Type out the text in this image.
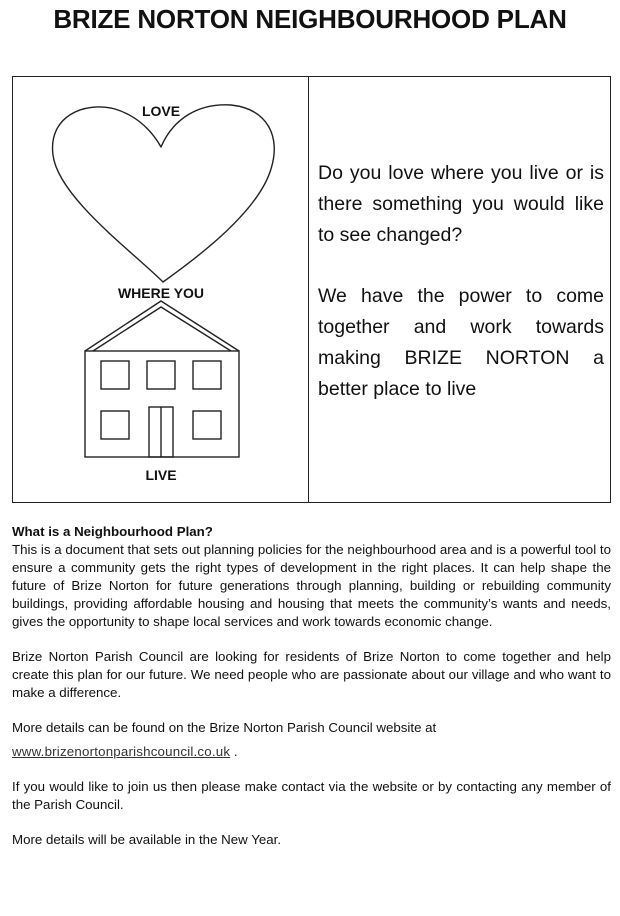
BRIZE NORTON NEIGHBOURHOOD PLAN
LOVE
WHERE YOU
LIVE

Do you love where you live or is there something you would like to see changed?

We have the power to come together and work towards making BRIZE NORTON a better place to live

What is a Neighbourhood Plan?

This is a document that sets out planning policies for the neighbourhood area and is a powerful tool to ensure a community gets the right types of development in the right places. It can help shape the future of Brize Norton for future generations through planning, building or rebuilding community buildings, providing affordable housing and housing that meets the community’s wants and needs, gives the opportunity to shape local services and work towards economic change.

Brize Norton Parish Council are looking for residents of Brize Norton to come together and help create this plan for our future. We need people who are passionate about our village and who want to make a difference.

More details can be found on the Brize Norton Parish Council website at

www.brizenortonparishcouncil.co.uk .

If you would like to join us then please make contact via the website or by contacting any member of the Parish Council.

More details will be available in the New Year.
